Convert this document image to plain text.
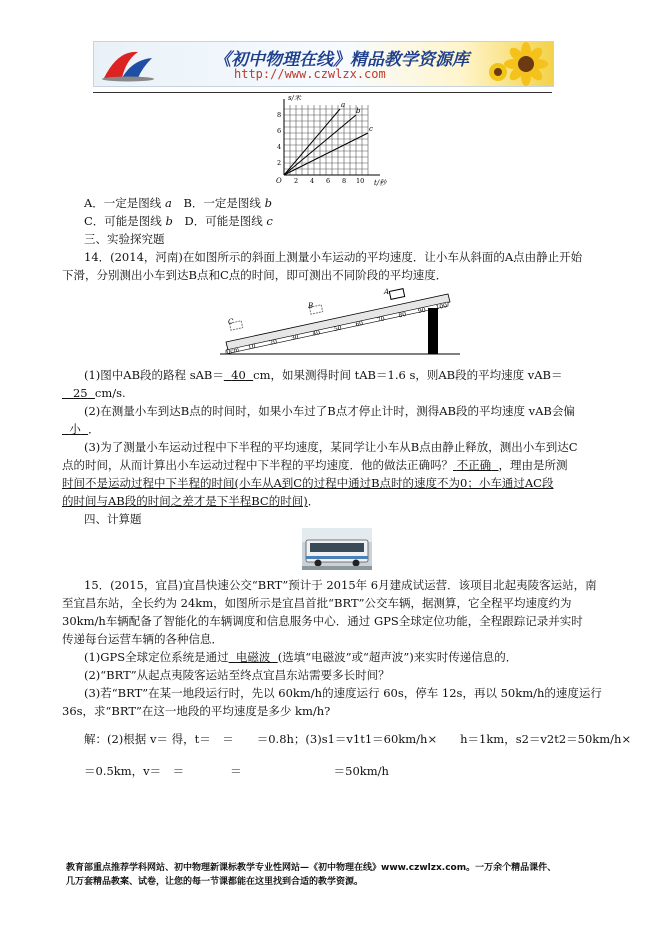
《初中物理在线》精品教学资源库
http://www.czwlzx.com
s/米
t/秒
O
a
b
c
2
4
6
8
2 4 6 8 10
A．一定是图线 a B．一定是图线 b
C．可能是图线 b D．可能是图线 c
三、实验探究题
14．(2014，河南)在如图所示的斜面上测量小车运动的平均速度．让小车从斜面的A点由静止开始
下滑，分别测出小车到达B点和C点的时间，即可测出不同阶段的平均速度．
C
B
A
0cm 10
20
30
40
50
60
70
80 90 100
(1)图中AB段的路程 sAB＝ 40 cm，如果测得时间 tAB＝1.6 s，则AB段的平均速度 vAB＝
25 cm/s.
(2)在测量小车到达B点的时间时，如果小车过了B点才停止计时，测得AB段的平均速度 vAB会偏
小 ．
(3)为了测量小车运动过程中下半程的平均速度，某同学让小车从B点由静止释放，测出小车到达C
点的时间，从而计算出小车运动过程中下半程的平均速度．他的做法正确吗？ 不正确 ，理由是所测
时间不是运动过程中下半程的时间(小车从A到C的过程中通过B点时的速度不为0；小车通过AC段
的时间与AB段的时间之差才是下半程BC的时间)．
四、计算题
15．(2015，宜昌)宜昌快速公交“BRT”预计于 2015年 6月建成试运营．该项目北起夷陵客运站，南
至宜昌东站，全长约为 24km，如图所示是宜昌首批“BRT”公交车辆，据测算，它全程平均速度约为
30km/h车辆配备了智能化的车辆调度和信息服务中心．通过 GPS全球定位功能，全程跟踪记录并实时
传递每台运营车辆的各种信息．
(1)GPS全球定位系统是通过 电磁波 (选填“电磁波”或“超声波”)来实时传递信息的．
(2)“BRT”从起点夷陵客运站至终点宜昌东站需要多长时间？
(3)若“BRT”在某一地段运行时，先以 60km/h的速度运行 60s，停车 12s，再以 50km/h的速度运行
36s，求“BRT”在这一地段的平均速度是多少 km/h?
解：(2)根据 v＝ 得，t＝　＝　　＝0.8h；(3)s1＝v1t1＝60km/h×　　h＝1km，s2＝v2t2＝50km/h×
＝0.5km，v＝　＝　　　　＝　　　　　　　　＝50km/h
教育部重点推荐学科网站、初中物理新课标教学专业性网站—《初中物理在线》www.czwlzx.com。一万余个精品课件、
几万套精品教案、试卷，让您的每一节课都能在这里找到合适的教学资源。
